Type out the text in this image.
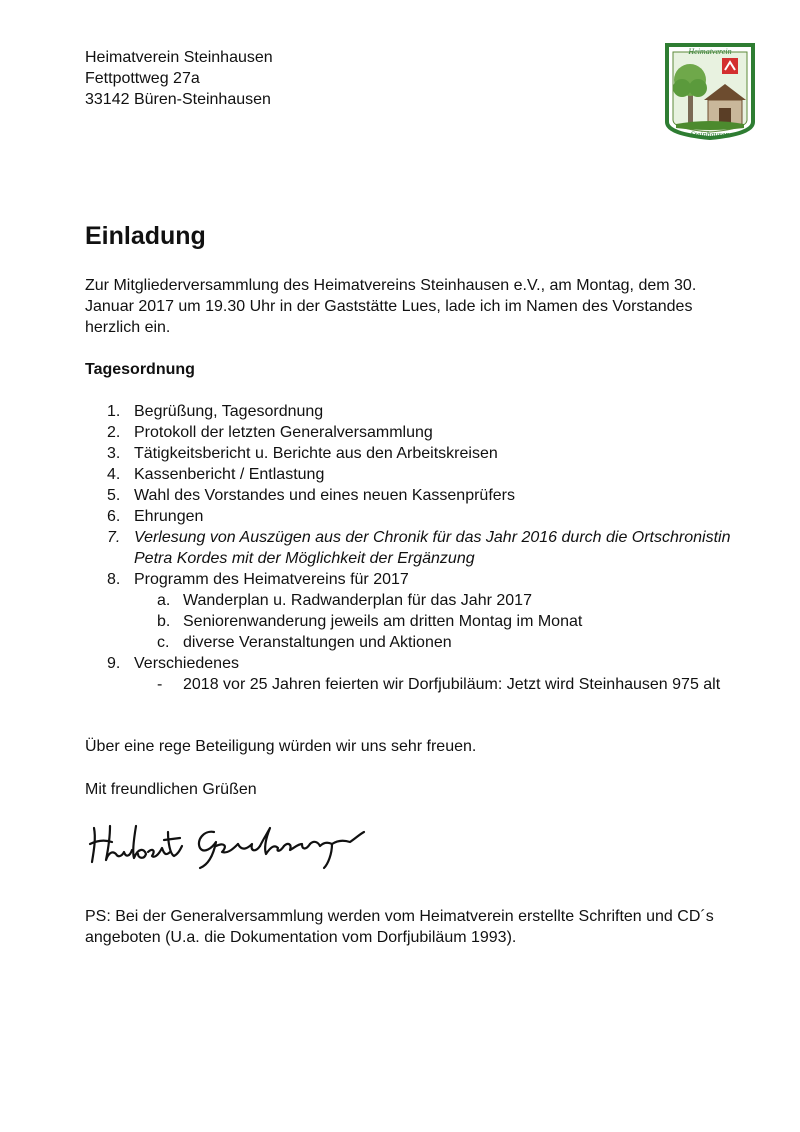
Heimatverein Steinhausen
Fettpottweg 27a
33142 Büren-Steinhausen
Heimatverein
Steinhausen
Einladung

Zur Mitgliederversammlung des Heimatvereins Steinhausen e.V., am Montag, dem 30. Januar 2017 um 19.30 Uhr in der Gaststätte Lues, lade ich im Namen des Vorstandes herzlich ein.

Tagesordnung
1. Begrüßung, Tagesordnung
2. Protokoll der letzten Generalversammlung
3. Tätigkeitsbericht u. Berichte aus den Arbeitskreisen
4. Kassenbericht / Entlastung
5. Wahl des Vorstandes und eines neuen Kassenprüfers
6. Ehrungen
7. Verlesung von Auszügen aus der Chronik für das Jahr 2016 durch die Ortschronistin Petra Kordes mit der Möglichkeit der Ergänzung
8. Programm des Heimatvereins für 2017
a. Wanderplan u. Radwanderplan für das Jahr 2017
b. Seniorenwanderung jeweils am dritten Montag im Monat
c. diverse Veranstaltungen und Aktionen
9. Verschiedenes
- 2018 vor 25 Jahren feierten wir Dorfjubiläum: Jetzt wird Steinhausen 975 alt

Über eine rege Beteiligung würden wir uns sehr freuen.

Mit freundlichen Grüßen

PS: Bei der Generalversammlung werden vom Heimatverein erstellte Schriften und CD´s angeboten (U.a. die Dokumentation vom Dorfjubiläum 1993).
